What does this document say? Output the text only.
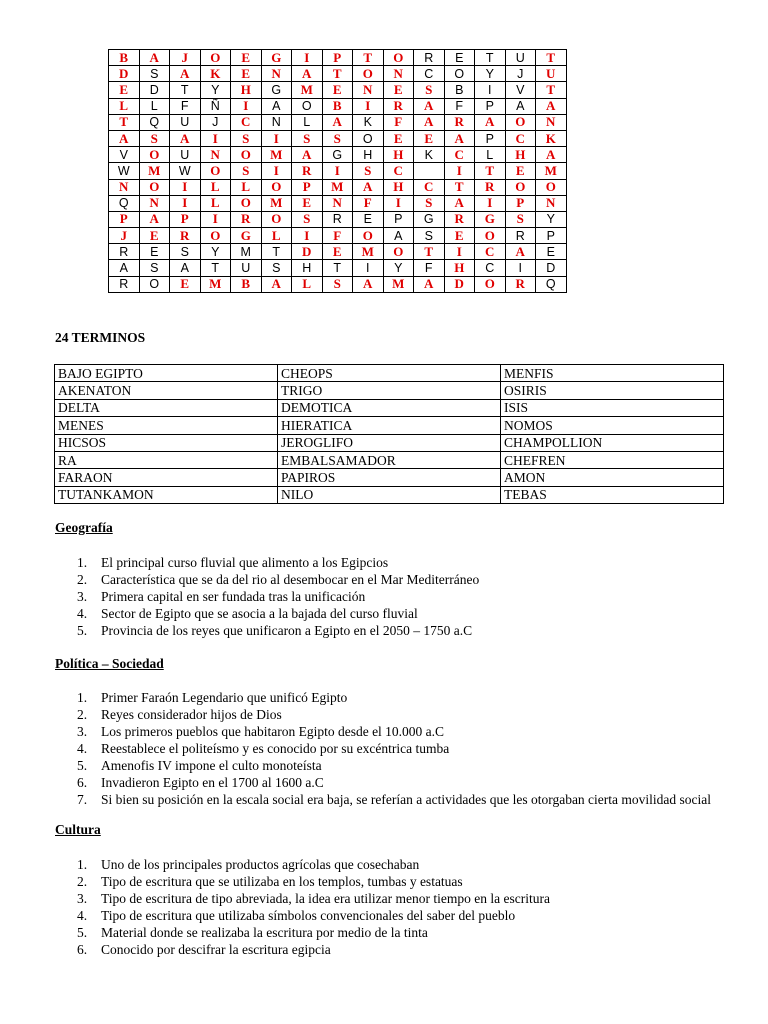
B	A	J	O	E	G	I	P	T	O	R	E	T	U	T
D	S	A	K	E	N	A	T	O	N	C	O	Y	J	U
E	D	T	Y	H	G	M	E	N	E	S	B	I	V	T
L	L	F	Ñ	I	A	O	B	I	R	A	F	P	A	A
T	Q	U	J	C	N	L	A	K	F	A	R	A	O	N
A	S	A	I	S	I	S	S	O	E	E	A	P	C	K
V	O	U	N	O	M	A	G	H	H	K	C	L	H	A
W	M	W	O	S	I	R	I	S	C		I	T	E	M
N	O	I	L	L	O	P	M	A	H	C	T	R	O	O
Q	N	I	L	O	M	E	N	F	I	S	A	I	P	N
P	A	P	I	R	O	S	R	E	P	G	R	G	S	Y
J	E	R	O	G	L	I	F	O	A	S	E	O	R	P
R	E	S	Y	M	T	D	E	M	O	T	I	C	A	E
A	S	A	T	U	S	H	T	I	Y	F	H	C	I	D
R	O	E	M	B	A	L	S	A	M	A	D	O	R	Q
24 TERMINOS
BAJO EGIPTO	CHEOPS	MENFIS
AKENATON	TRIGO	OSIRIS
DELTA	DEMOTICA	ISIS
MENES	HIERATICA	NOMOS
HICSOS	JEROGLIFO	CHAMPOLLION
RA	EMBALSAMADOR	CHEFREN
FARAON	PAPIROS	AMON
TUTANKAMON	NILO	TEBAS
Geografía
1. El principal curso fluvial que alimento a los Egipcios
2. Característica que se da del rio al desembocar en el Mar Mediterráneo
3. Primera capital en ser fundada tras la unificación
4. Sector de Egipto que se asocia a la bajada del curso fluvial
5. Provincia de los reyes que unificaron a Egipto en el 2050 – 1750 a.C
Política – Sociedad
1. Primer Faraón Legendario que unificó Egipto
2. Reyes considerador hijos de Dios
3. Los primeros pueblos que habitaron Egipto desde el 10.000 a.C
4. Reestablece el politeísmo y es conocido por su excéntrica tumba
5. Amenofis IV impone el culto monoteísta
6. Invadieron Egipto en el 1700 al 1600 a.C
7. Si bien su posición en la escala social era baja, se referían a actividades que les otorgaban cierta movilidad social
Cultura
1. Uno de los principales productos agrícolas que cosechaban
2. Tipo de escritura que se utilizaba en los templos, tumbas y estatuas
3. Tipo de escritura de tipo abreviada, la idea era utilizar menor tiempo en la escritura
4. Tipo de escritura que utilizaba símbolos convencionales del saber del pueblo
5. Material donde se realizaba la escritura por medio de la tinta
6. Conocido por descifrar la escritura egipcia
